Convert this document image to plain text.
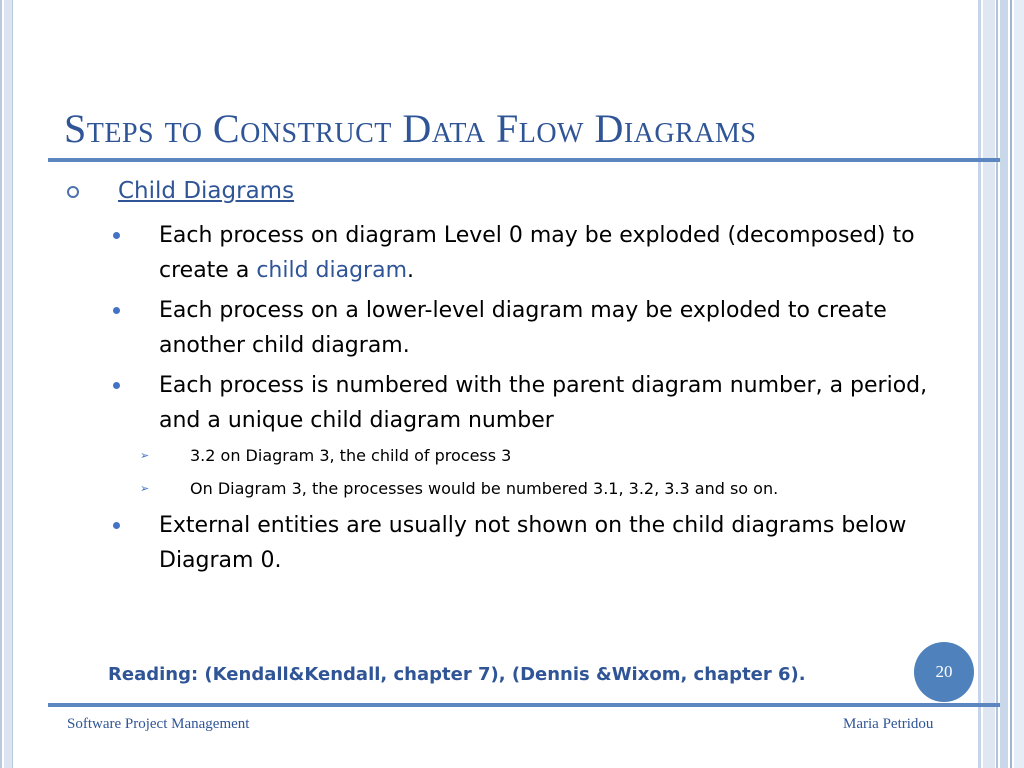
Steps to Construct Data Flow Diagrams
Child Diagrams
Each process on diagram Level 0 may be exploded (decomposed) to create a child diagram.
Each process on a lower-level diagram may be exploded to create another child diagram.
Each process is numbered with the parent diagram number, a period, and a unique child diagram number
➢	3.2 on Diagram 3, the child of process 3
➢	On Diagram 3, the processes would be numbered 3.1, 3.2, 3.3 and so on.
External entities are usually not shown on the child diagrams below Diagram 0.
Reading: (Kendall&Kendall, chapter 7), (Dennis &Wixom, chapter 6).	20
Software Project Management	Maria Petridou
